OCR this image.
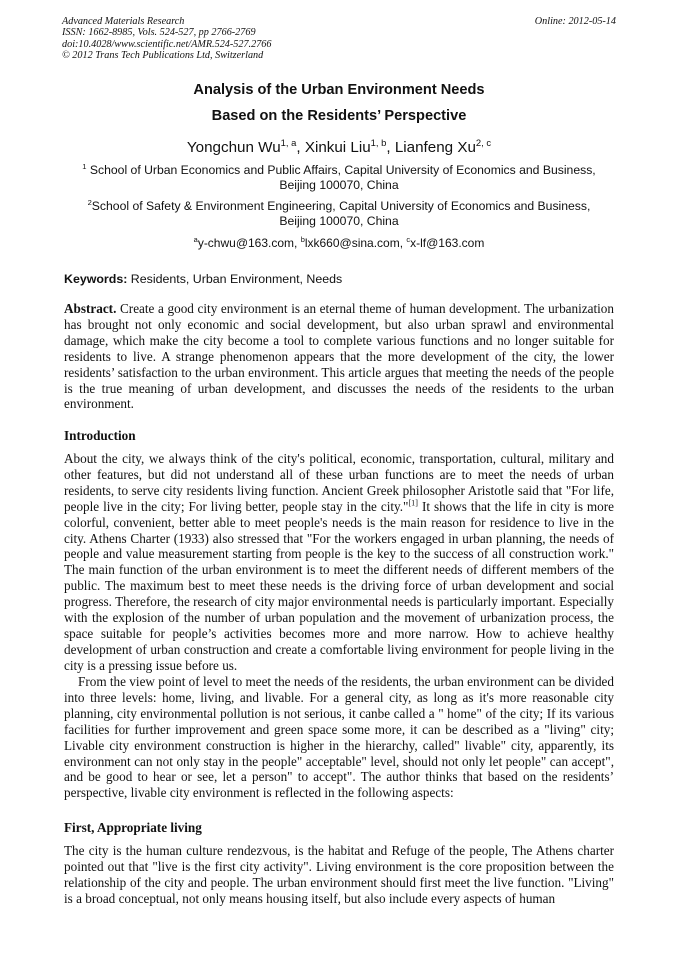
Advanced Materials Research
ISSN: 1662-8985, Vols. 524-527, pp 2766-2769
doi:10.4028/www.scientific.net/AMR.524-527.2766
© 2012 Trans Tech Publications Ltd, Switzerland
Online: 2012-05-14
Analysis of the Urban Environment Needs
Based on the Residents’ Perspective
Yongchun Wu$^{1, a}$, Xinkui Liu$^{1, b}$, Lianfeng Xu$^{2, c}$
$^1$ School of Urban Economics and Public Affairs, Capital University of Economics and Business,
Beijing 100070, China
$^2$School of Safety & Environment Engineering, Capital University of Economics and Business,
Beijing 100070, China
$^a$y-chwu@163.com, $^b$lxk660@sina.com, $^c$x-lf@163.com
Keywords: Residents, Urban Environment, Needs
Abstract. Create a good city environment is an eternal theme of human development. The urbanization has brought not only economic and social development, but also urban sprawl and environmental damage, which make the city become a tool to complete various functions and no longer suitable for residents to live. A strange phenomenon appears that the more development of the city, the lower residents’ satisfaction to the urban environment. This article argues that meeting the needs of the people is the true meaning of urban development, and discusses the needs of the residents to the urban environment.
Introduction
About the city, we always think of the city's political, economic, transportation, cultural, military and other features, but did not understand all of these urban functions are to meet the needs of urban residents, to serve city residents living function. Ancient Greek philosopher Aristotle said that "For life, people live in the city; For living better, people stay in the city."[1] It shows that the life in city is more colorful, convenient, better able to meet people's needs is the main reason for residence to live in the city. Athens Charter (1933) also stressed that "For the workers engaged in urban planning, the needs of people and value measurement starting from people is the key to the success of all construction work." The main function of the urban environment is to meet the different needs of different members of the public. The maximum best to meet these needs is the driving force of urban development and social progress. Therefore, the research of city major environmental needs is particularly important. Especially with the explosion of the number of urban population and the movement of urbanization process, the space suitable for people’s activities becomes more and more narrow. How to achieve healthy development of urban construction and create a comfortable living environment for people living in the city is a pressing issue before us.
From the view point of level to meet the needs of the residents, the urban environment can be divided into three levels: home, living, and livable. For a general city, as long as it's more reasonable city planning, city environmental pollution is not serious, it canbe called a " home" of the city; If its various facilities for further improvement and green space some more, it can be described as a "living" city; Livable city environment construction is higher in the hierarchy, called" livable" city, apparently, its environment can not only stay in the people" acceptable" level, should not only let people" can accept", and be good to hear or see, let a person" to accept". The author thinks that based on the residents’ perspective, livable city environment is reflected in the following aspects:
First, Appropriate living
The city is the human culture rendezvous, is the habitat and Refuge of the people, The Athens charter pointed out that "live is the first city activity". Living environment is the core proposition between the relationship of the city and people. The urban environment should first meet the live function. "Living" is a broad conceptual, not only means housing itself, but also include every aspects of human
